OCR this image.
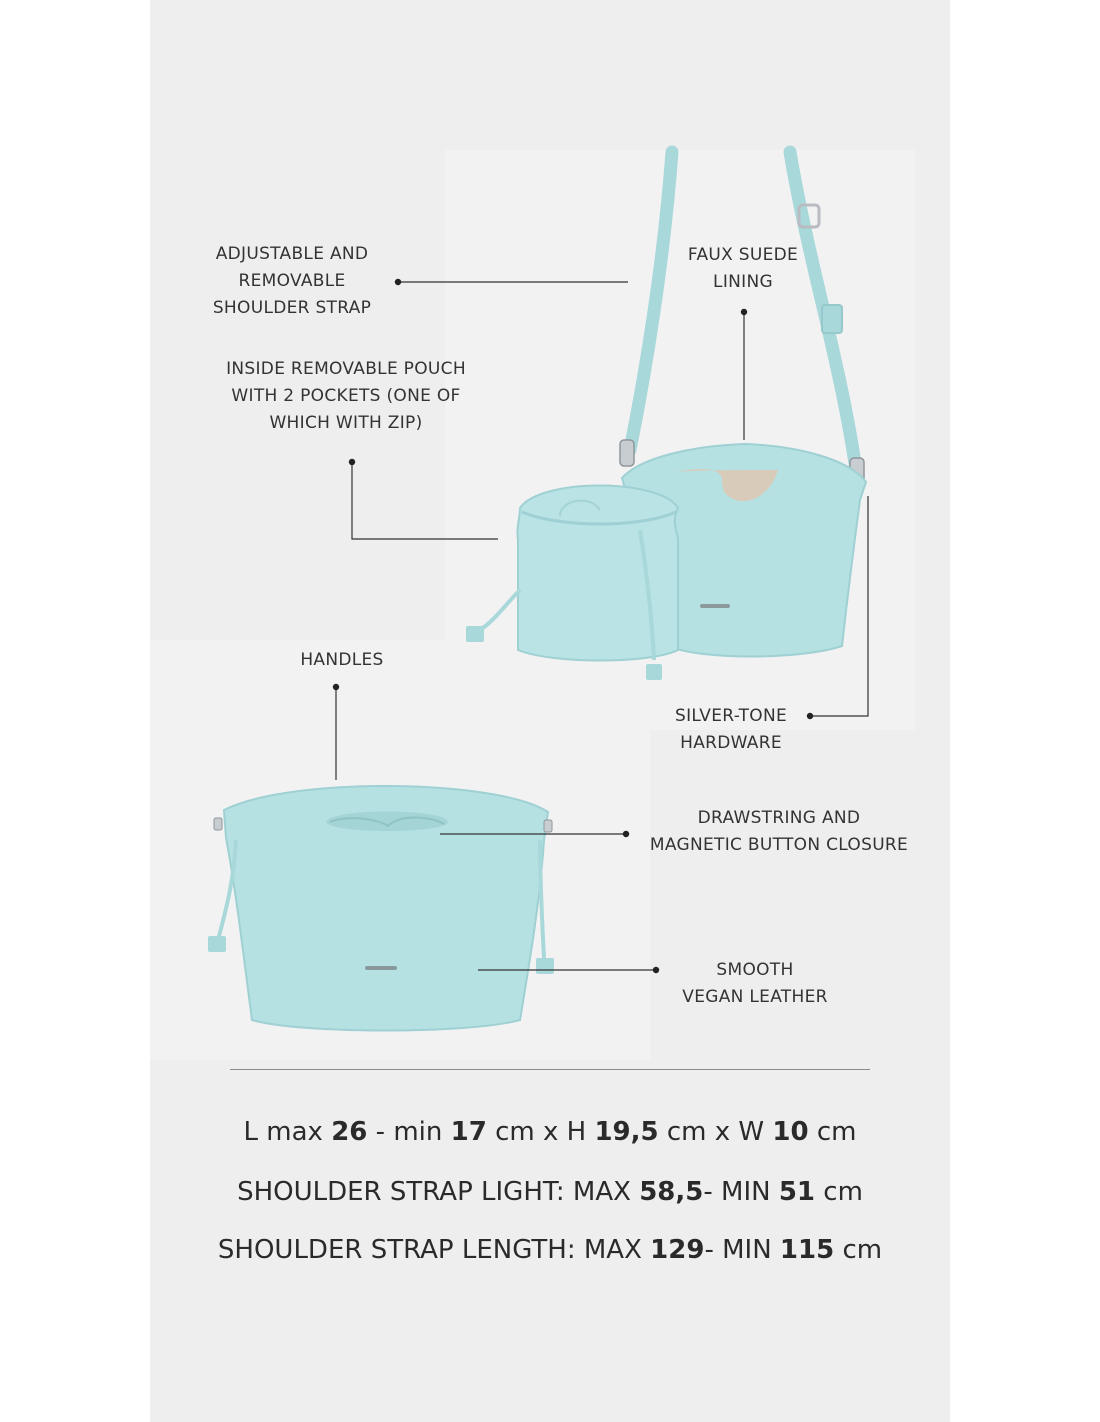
ADJUSTABLE AND
REMOVABLE
SHOULDER STRAP
FAUX SUEDE
LINING
INSIDE REMOVABLE POUCH
WITH 2 POCKETS (ONE OF
WHICH WITH ZIP)
HANDLES
SILVER-TONE
HARDWARE
DRAWSTRING AND
MAGNETIC BUTTON CLOSURE
SMOOTH
VEGAN LEATHER
L max 26 - min 17 cm x H 19,5 cm x W 10 cm
SHOULDER STRAP LIGHT: MAX 58,5- MIN 51 cm
SHOULDER STRAP LENGTH: MAX 129- MIN 115 cm
